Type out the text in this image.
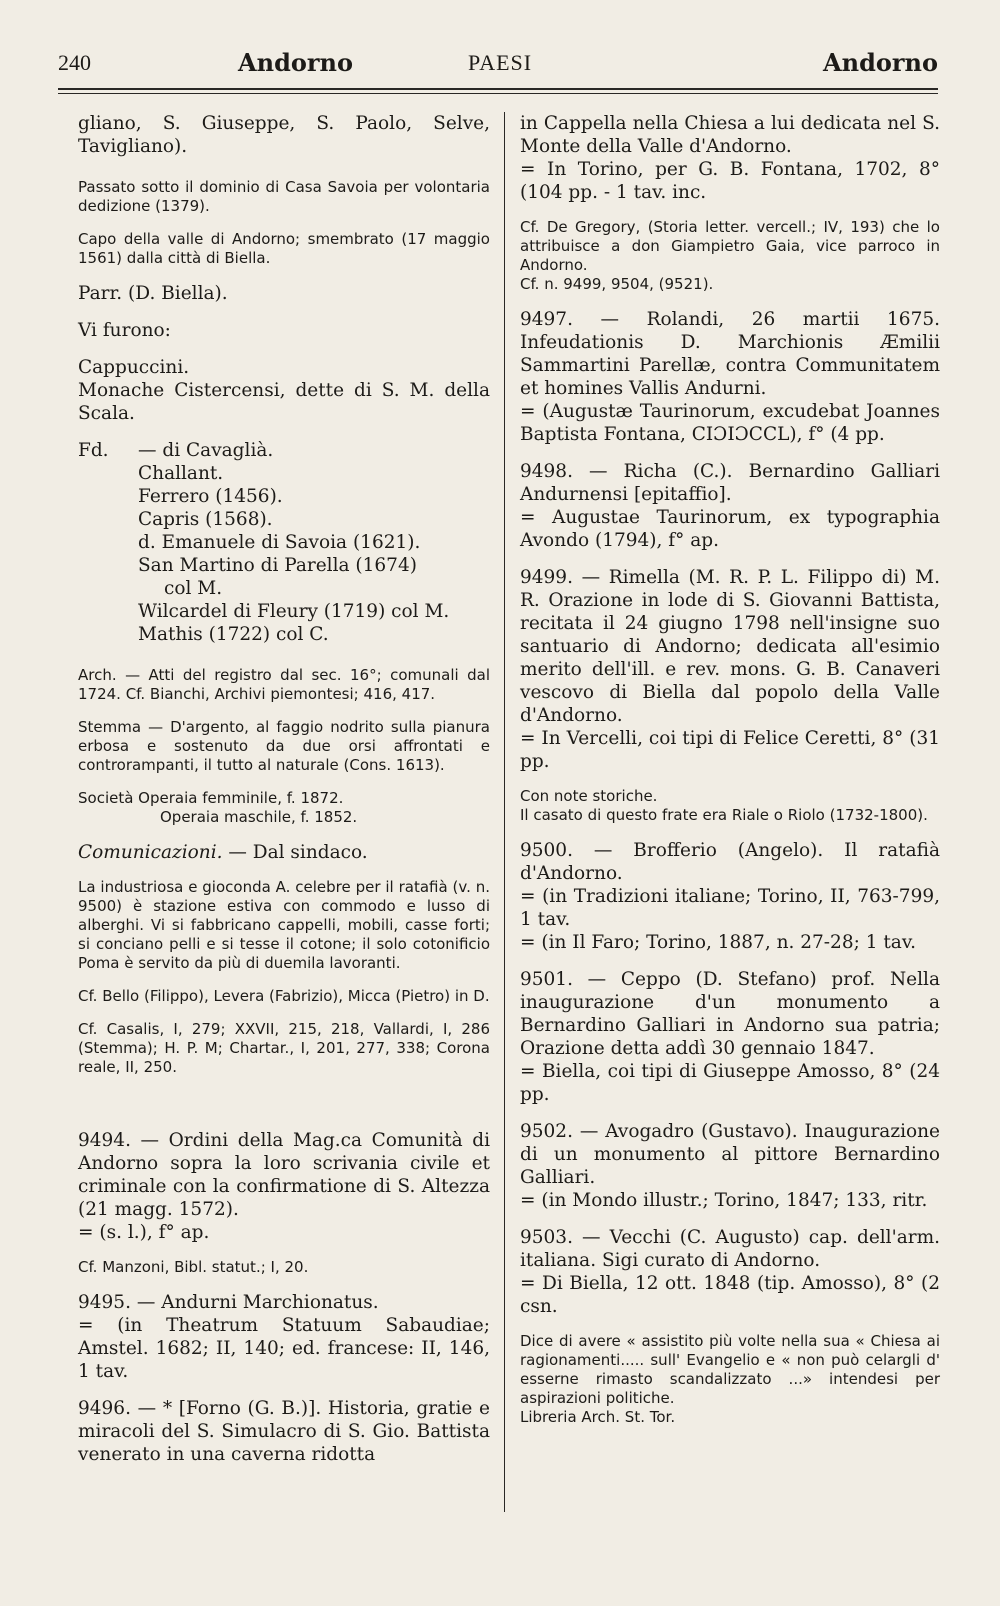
240	Andorno	PAESI	Andorno

gliano, S. Giuseppe, S. Paolo, Selve, Tavigliano).

Passato sotto il dominio di Casa Savoia per volontaria dedizione (1379).

Capo della valle di Andorno; smembrato (17 maggio 1561) dalla città di Biella.

Parr. (D. Biella).

Vi furono:

Cappuccini.

Monache Cistercensi, dette di S. M. della Scala.

Fd.	— di Cavaglià.
Challant.
Ferrero (1456).
Capris (1568).
d. Emanuele di Savoia (1621).
San Martino di Parella (1674)
col M.
Wilcardel di Fleury (1719) col M.
Mathis (1722) col C.

Arch. — Atti del registro dal sec. 16°; comunali dal 1724. Cf. Bianchi, Archivi piemontesi; 416, 417.

Stemma — D'argento, al faggio nodrito sulla pianura erbosa e sostenuto da due orsi affrontati e controrampanti, il tutto al naturale (Cons. 1613).

Società Operaia femminile, f. 1872.

Operaia maschile, f. 1852.

Comunicazioni. — Dal sindaco.

La industriosa e gioconda A. celebre per il ratafià (v. n. 9500) è stazione estiva con commodo e lusso di alberghi. Vi si fabbricano cappelli, mobili, casse forti; si conciano pelli e si tesse il cotone; il solo cotonificio Poma è servito da più di duemila lavoranti.

Cf. Bello (Filippo), Levera (Fabrizio), Micca (Pietro) in D.

Cf. Casalis, I, 279; XXVII, 215, 218, Vallardi, I, 286 (Stemma); H. P. M; Chartar., I, 201, 277, 338; Corona reale, II, 250.

9494. — Ordini della Mag.ca Comunità di Andorno sopra la loro scrivania civile et criminale con la confirmatione di S. Altezza (21 magg. 1572).

= (s. l.), f° ap.

Cf. Manzoni, Bibl. statut.; I, 20.

9495. — Andurni Marchionatus.

= (in Theatrum Statuum Sabaudiae; Amstel. 1682; II, 140; ed. francese: II, 146, 1 tav.

9496. — * [Forno (G. B.)]. Historia, gratie e miracoli del S. Simulacro di S. Gio. Battista venerato in una caverna ridotta

in Cappella nella Chiesa a lui dedicata nel S. Monte della Valle d'Andorno.

= In Torino, per G. B. Fontana, 1702, 8° (104 pp. - 1 tav. inc.

Cf. De Gregory, (Storia letter. vercell.; IV, 193) che lo attribuisce a don Giampietro Gaia, vice parroco in Andorno.

Cf. n. 9499, 9504, (9521).

9497. — Rolandi, 26 martii 1675. Infeudationis D. Marchionis Æmilii Sammartini Parellæ, contra Communitatem et homines Vallis Andurni.

= (Augustæ Taurinorum, excudebat Joannes Baptista Fontana, CIƆIƆCCL), f° (4 pp.

9498. — Richa (C.). Bernardino Galliari Andurnensi [epitaffio].

= Augustae Taurinorum, ex typographia Avondo (1794), f° ap.

9499. — Rimella (M. R. P. L. Filippo di) M. R. Orazione in lode di S. Giovanni Battista, recitata il 24 giugno 1798 nell'insigne suo santuario di Andorno; dedicata all'esimio merito dell'ill. e rev. mons. G. B. Canaveri vescovo di Biella dal popolo della Valle d'Andorno.

= In Vercelli, coi tipi di Felice Ceretti, 8° (31 pp.

Con note storiche.

Il casato di questo frate era Riale o Riolo (1732-1800).

9500. — Brofferio (Angelo). Il ratafià d'Andorno.

= (in Tradizioni italiane; Torino, II, 763-799, 1 tav.

= (in Il Faro; Torino, 1887, n. 27-28; 1 tav.

9501. — Ceppo (D. Stefano) prof. Nella inaugurazione d'un monumento a Bernardino Galliari in Andorno sua patria; Orazione detta addì 30 gennaio 1847.

= Biella, coi tipi di Giuseppe Amosso, 8° (24 pp.

9502. — Avogadro (Gustavo). Inaugurazione di un monumento al pittore Bernardino Galliari.

= (in Mondo illustr.; Torino, 1847; 133, ritr.

9503. — Vecchi (C. Augusto) cap. dell'arm. italiana. Sigi curato di Andorno.

= Di Biella, 12 ott. 1848 (tip. Amosso), 8° (2 csn.

Dice di avere « assistito più volte nella sua « Chiesa ai ragionamenti..... sull' Evangelio e « non può celargli d' esserne rimasto scandalizzato ...» intendesi per aspirazioni politiche.

Libreria Arch. St. Tor.
